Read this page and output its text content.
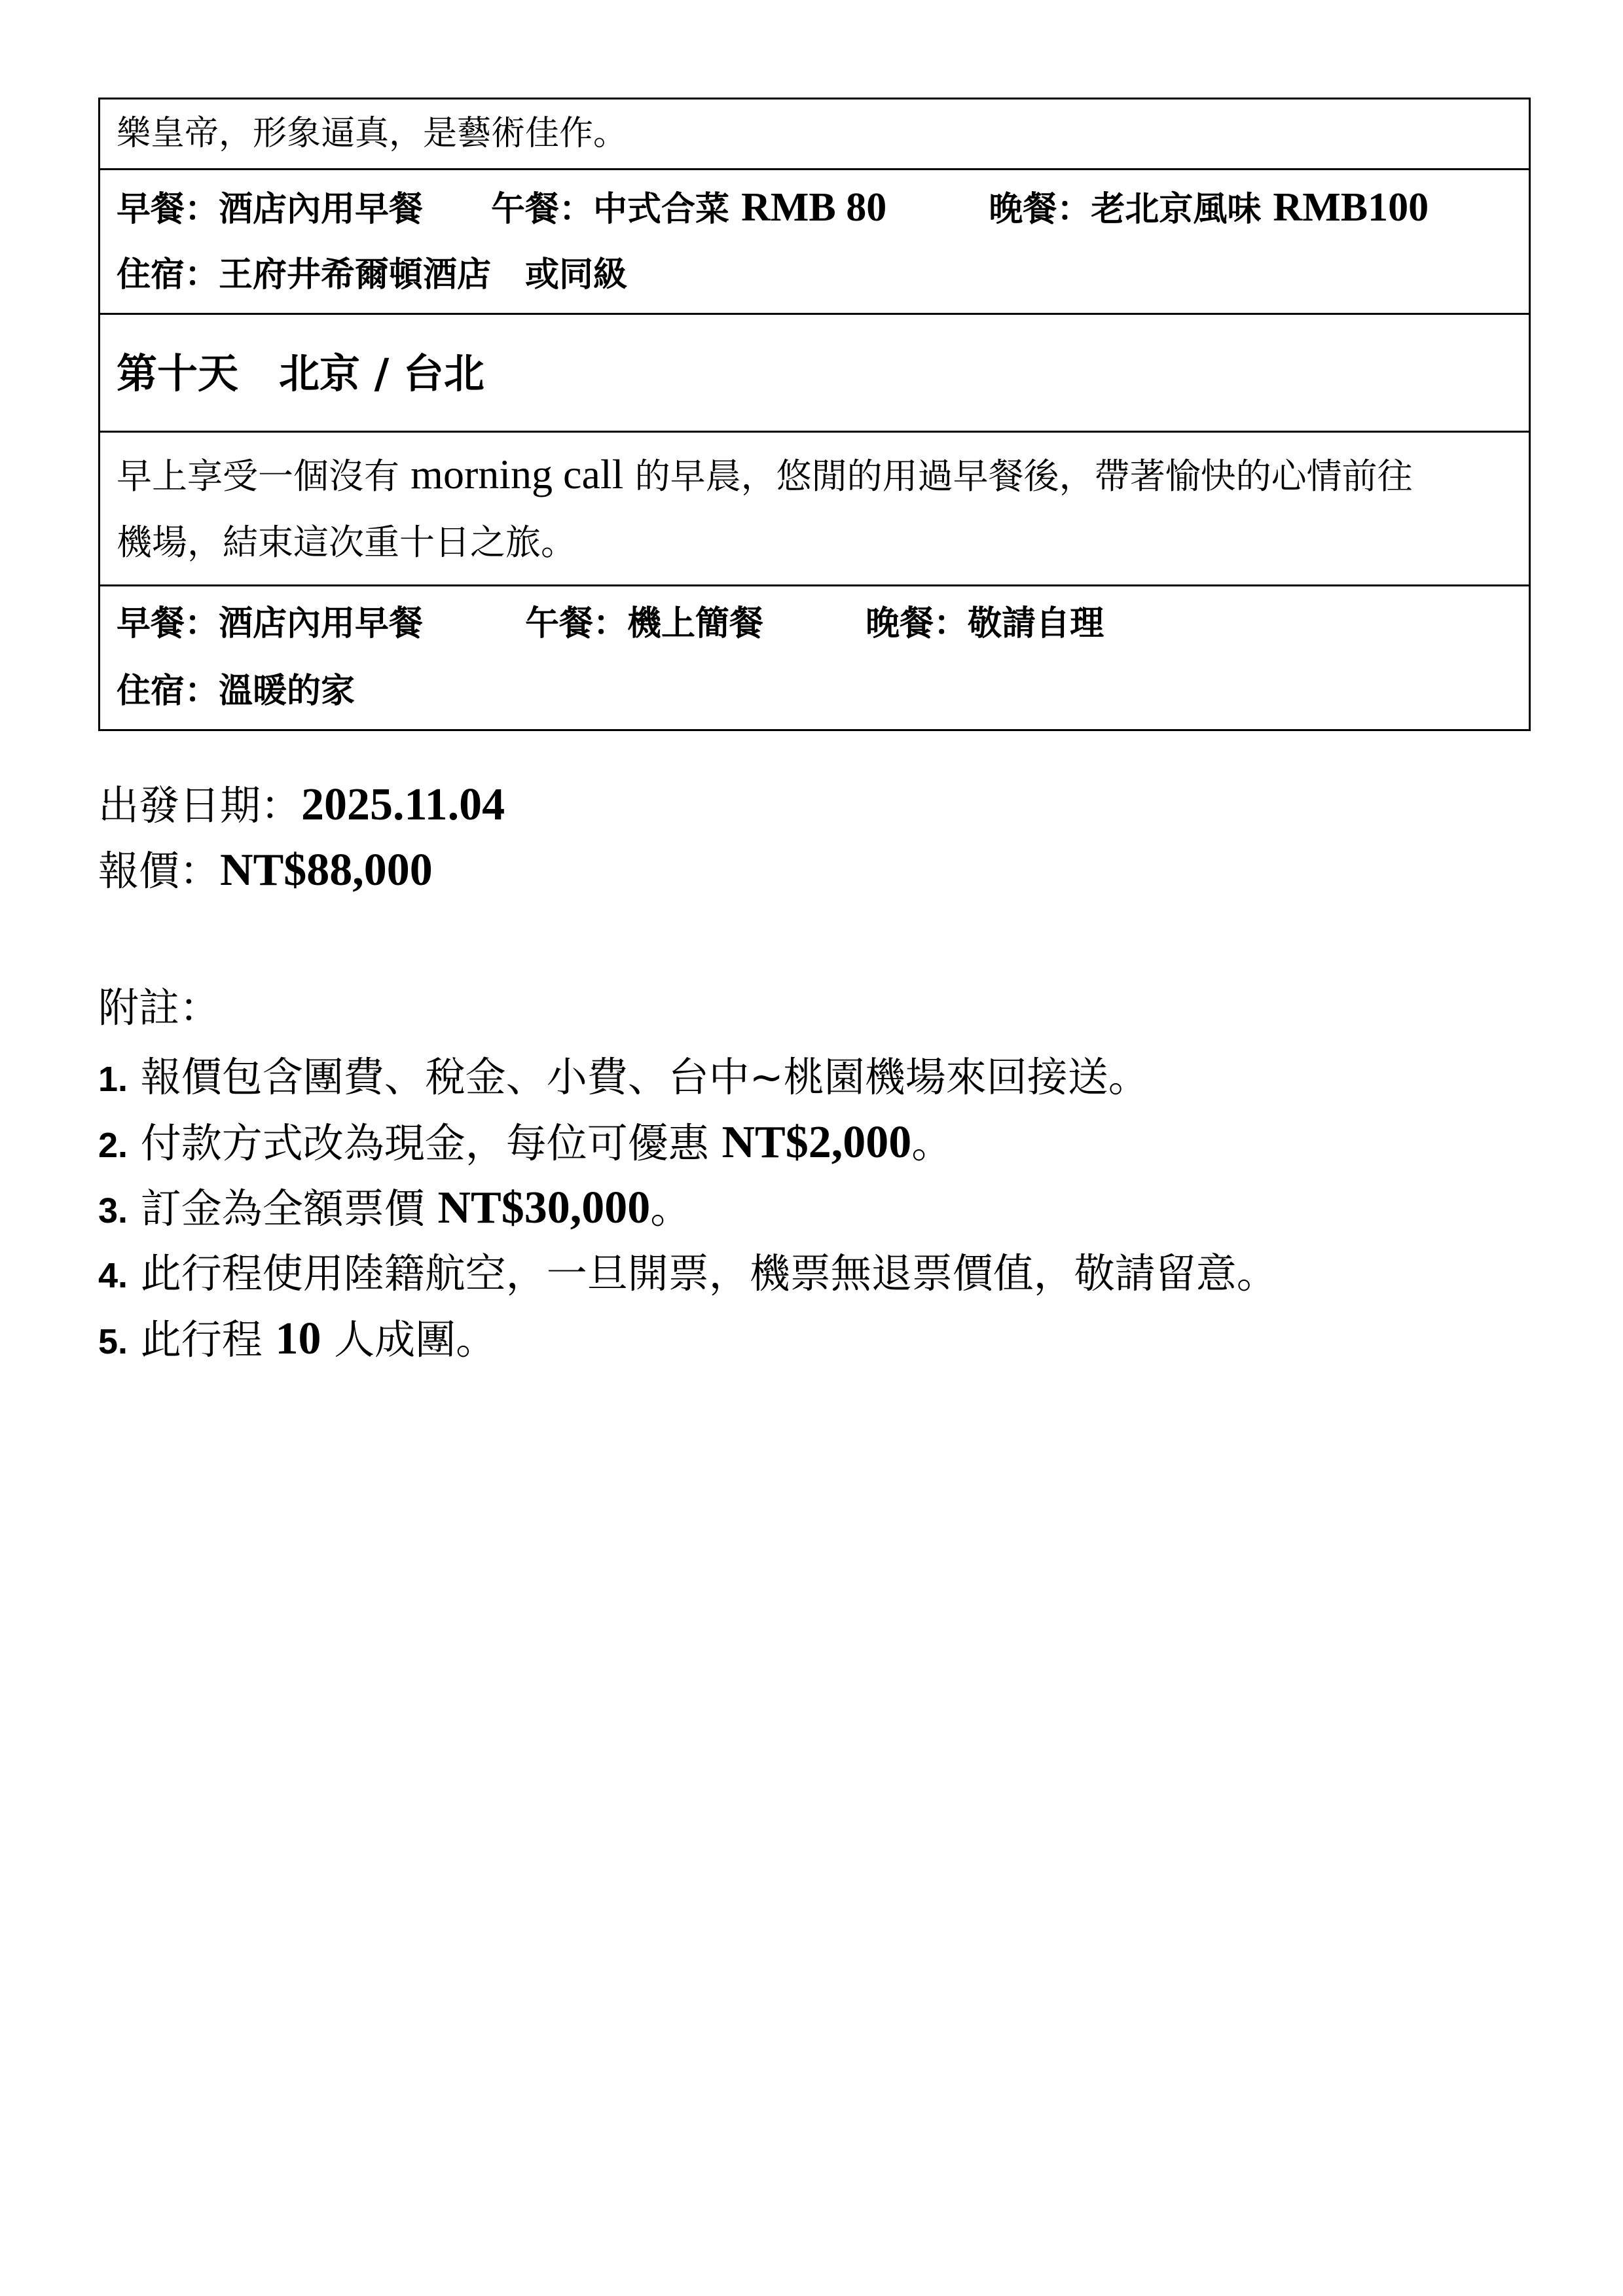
樂皇帝，形象逼真，是藝術佳作。
早餐：酒店內用早餐　　 午餐：中式合菜 RMB 80　　　	晚餐：老北京風味 RMB100
住宿：王府井希爾頓酒店　或同級
第十天　北京 / 台北
早上享受一個沒有 morning call 的早晨，悠閒的用過早餐後，帶著愉快的心情前往
機場，結束這次重十日之旅。
早餐：酒店內用早餐　　　	午餐：機上簡餐　　　	晚餐：敬請自理
住宿：溫暖的家
出發日期：2025.11.04
報價：NT$88,000
附註：
1. 報價包含團費、稅金、小費、台中~桃園機場來回接送。
2. 付款方式改為現金，每位可優惠 NT$2,000。
3. 訂金為全額票價 NT$30,000。
4. 此行程使用陸籍航空，一旦開票，機票無退票價值，敬請留意。
5. 此行程 10 人成團。
